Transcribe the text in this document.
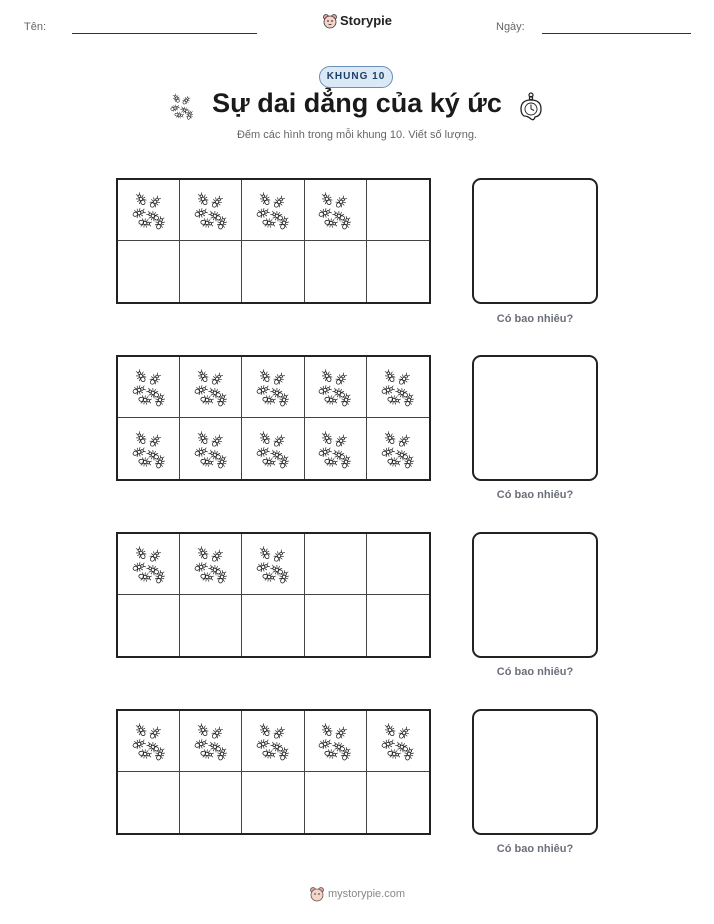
Tên:	Storypie	Ngày:
KHUNG 10
Sự dai dẳng của ký ức
Đếm các hình trong mỗi khung 10. Viết số lượng.
Có bao nhiêu?
Có bao nhiêu?
Có bao nhiêu?
Có bao nhiêu?
mystorypie.com
